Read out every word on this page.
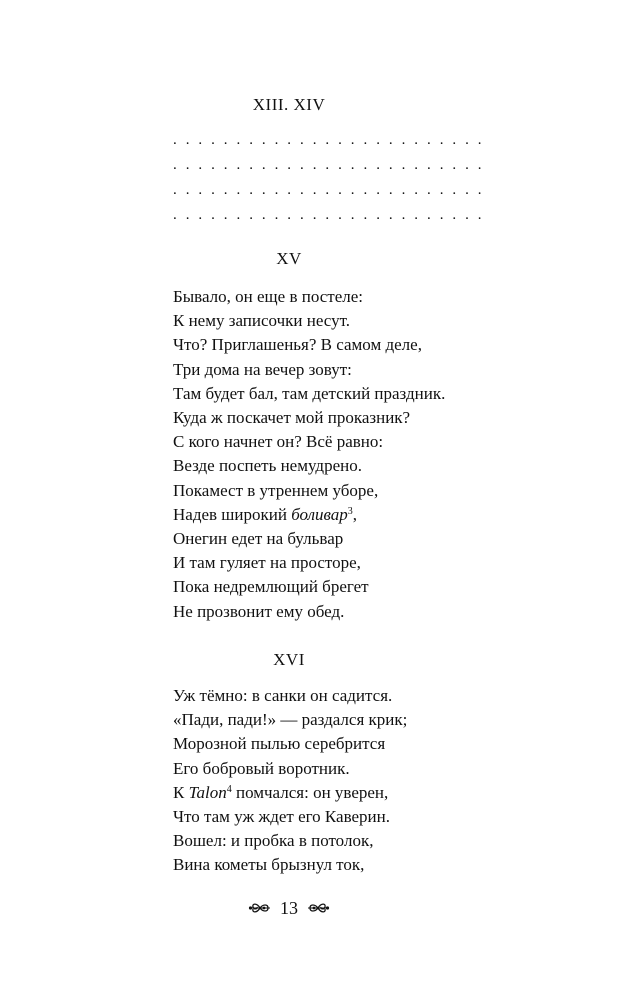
XIII. XIV
. . . . . . . . . . . . . . . . . . . . . . . . .
. . . . . . . . . . . . . . . . . . . . . . . . .
. . . . . . . . . . . . . . . . . . . . . . . . .
. . . . . . . . . . . . . . . . . . . . . . . . .
XV
Бывало, он еще в постеле:
К нему записочки несут.
Что? Приглашенья? В самом деле,
Три дома на вечер зовут:
Там будет бал, там детский праздник.
Куда ж поскачет мой проказник?
С кого начнет он? Всё равно:
Везде поспеть немудрено.
Покамест в утреннем уборе,
Надев широкий боливар$^3$,
Онегин едет на бульвар
И там гуляет на просторе,
Пока недремлющий брегет
Не прозвонит ему обед.
XVI
Уж тёмно: в санки он садится.
«Пади, пади!» — раздался крик;
Морозной пылью серебрится
Его бобровый воротник.
К Talon$^4$ помчался: он уверен,
Что там уж ждет его Каверин.
Вошел: и пробка в потолок,
Вина кометы брызнул ток,
13
